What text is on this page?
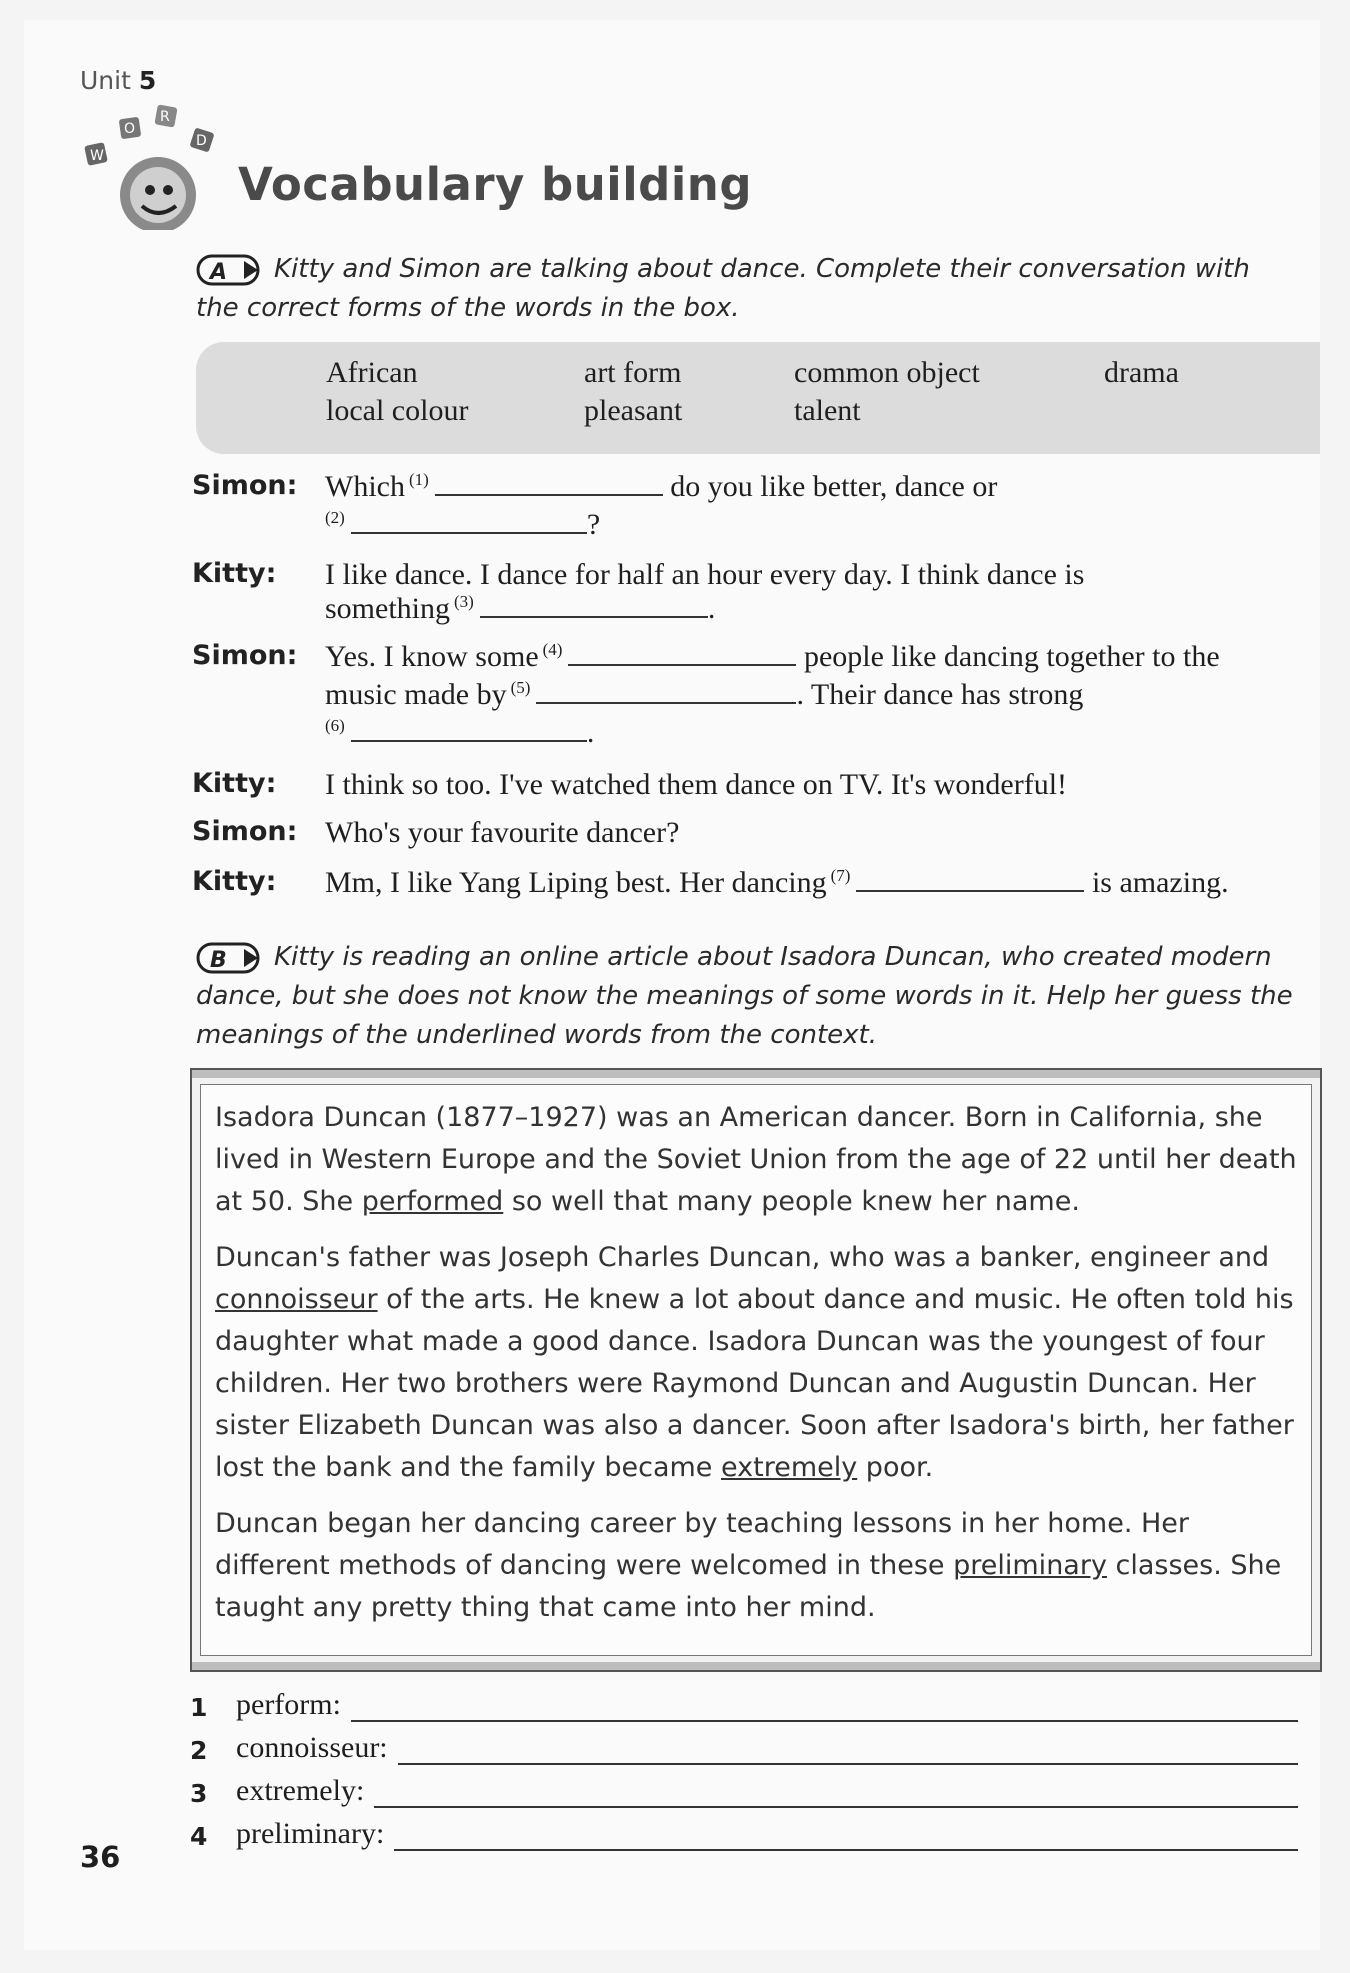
Unit 5
W
O
R
D
Vocabulary building
A Kitty and Simon are talking about dance. Complete their conversation with the correct forms of the words in the box.
African	art form	common object	drama
local colour	pleasant	talent
Simon: Which $^{(1)}$	do you like better, dance or
$^{(2)}$	?
Kitty: I like dance. I dance for half an hour every day. I think dance is
something $^{(3)}$	.
Simon: Yes. I know some $^{(4)}$	people like dancing together to the
music made by $^{(5)}$	. Their dance has strong
$^{(6)}$	.
Kitty: I think so too. I've watched them dance on TV. It's wonderful!
Simon: Who's your favourite dancer?
Kitty: Mm, I like Yang Liping best. Her dancing $^{(7)}$	is amazing.
B Kitty is reading an online article about Isadora Duncan, who created modern dance, but she does not know the meanings of some words in it. Help her guess the meanings of the underlined words from the context.
Isadora Duncan (1877–1927) was an American dancer. Born in California, she lived in Western Europe and the Soviet Union from the age of 22 until her death at 50. She performed so well that many people knew her name.
Duncan's father was Joseph Charles Duncan, who was a banker, engineer and connoisseur of the arts. He knew a lot about dance and music. He often told his daughter what made a good dance. Isadora Duncan was the youngest of four children. Her two brothers were Raymond Duncan and Augustin Duncan. Her sister Elizabeth Duncan was also a dancer. Soon after Isadora's birth, her father lost the bank and the family became extremely poor.
Duncan began her dancing career by teaching lessons in her home. Her different methods of dancing were welcomed in these preliminary classes. She taught any pretty thing that came into her mind.
1 perform:
2 connoisseur:
3 extremely:
4 preliminary:
36
